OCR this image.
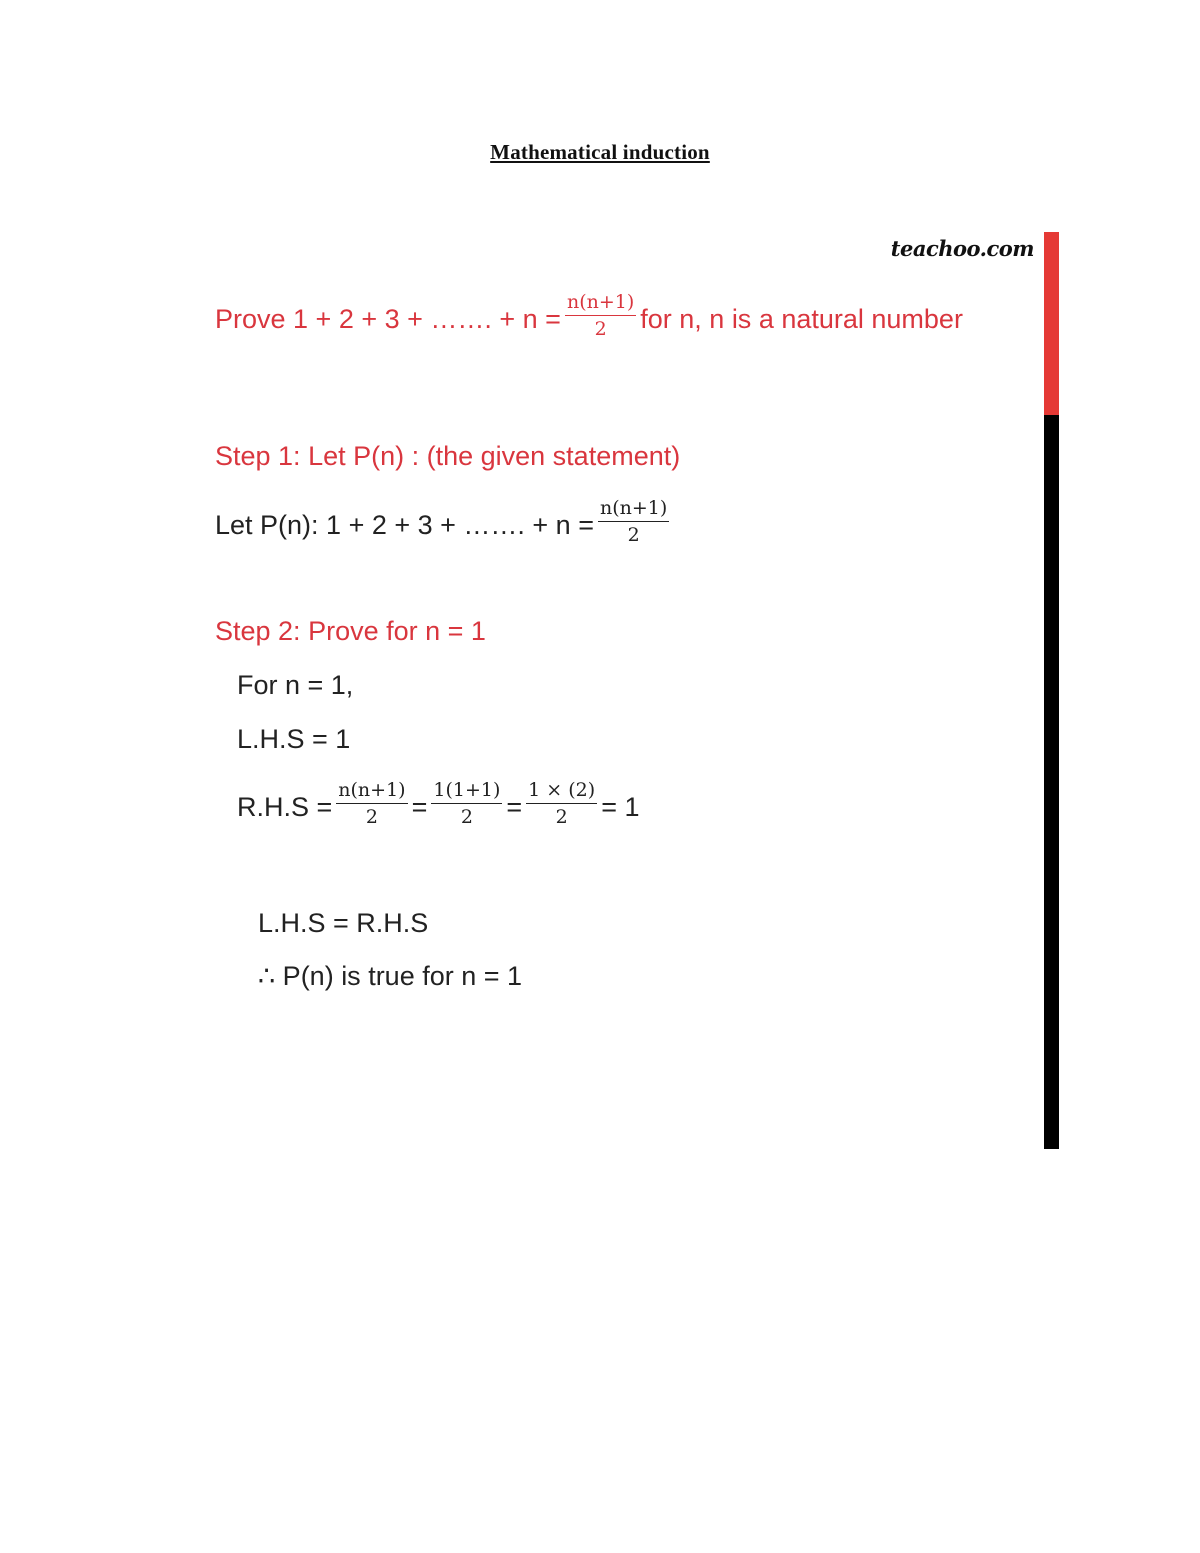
Mathematical induction
teachoo.com
Prove 1 + 2 + 3 + ……. + $n = \frac{n(n+1)}{2}$ for n, n is a natural number
Step 1: Let P(n) : (the given statement)
Let P(n): 1 + 2 + 3 + ……. + $n = \frac{n(n+1)}{2}$
Step 2: Prove for n = 1
For n = 1,
L.H.S = 1
$R.H.S = \frac{n(n+1)}{2} = \frac{1(1+1)}{2} = \frac{1 \times (2)}{2} = 1$
L.H.S = R.H.S
∴ P(n) is true for n = 1
